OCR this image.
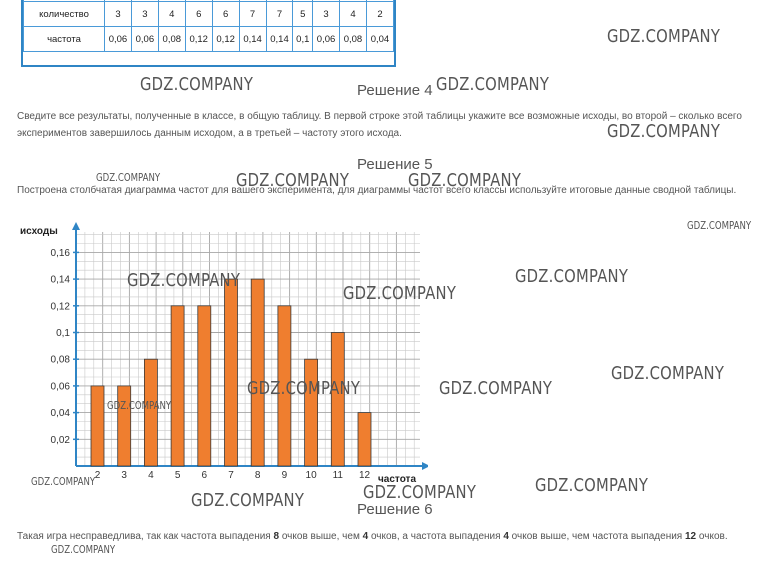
количество	3	3	4	6	6	7	7	5	3	4	2
частота	0,06	0,06	0,08	0,12	0,12	0,14	0,14	0,1	0,06	0,08	0,04
Решение 4
Сведите все результаты, полученные в классе, в общую таблицу. В первой строке этой таблицы укажите все возможные исходы, во второй – сколько всего экспериментов завершилось данным исходом, а в третьей – частоту этого исхода.
Решение 5
Построена столбчатая диаграмма частот для вашего эксперимента, для диаграммы частот всего классы используйте итоговые данные сводной таблицы.
0,02
0,04
0,06
0,08
0,1
0,12
0,14
0,16
исходы
2 3 4 5 6 7 8 9 10 11 12 частота
Решение 6
Такая игра несправедлива, так как частота выпадения 8 очков выше, чем 4 очков, а частота выпадения 4 очков выше, чем частота выпадения 12 очков.
GDZ.COMPANY
GDZ.COMPANY	GDZ.COMPANY
GDZ.COMPANY
GDZ.COMPANY	GDZ.COMPANY	GDZ.COMPANY
GDZ.COMPANY
GDZ.COMPANY	GDZ.COMPANY
GDZ.COMPANY
GDZ.COMPANY
GDZ.COMPANY	GDZ.COMPANY
GDZ.COMPANY
GDZ.COMPANY	GDZ.COMPANY
GDZ.COMPANY
GDZ.COMPANY
GDZ.COMPANY
